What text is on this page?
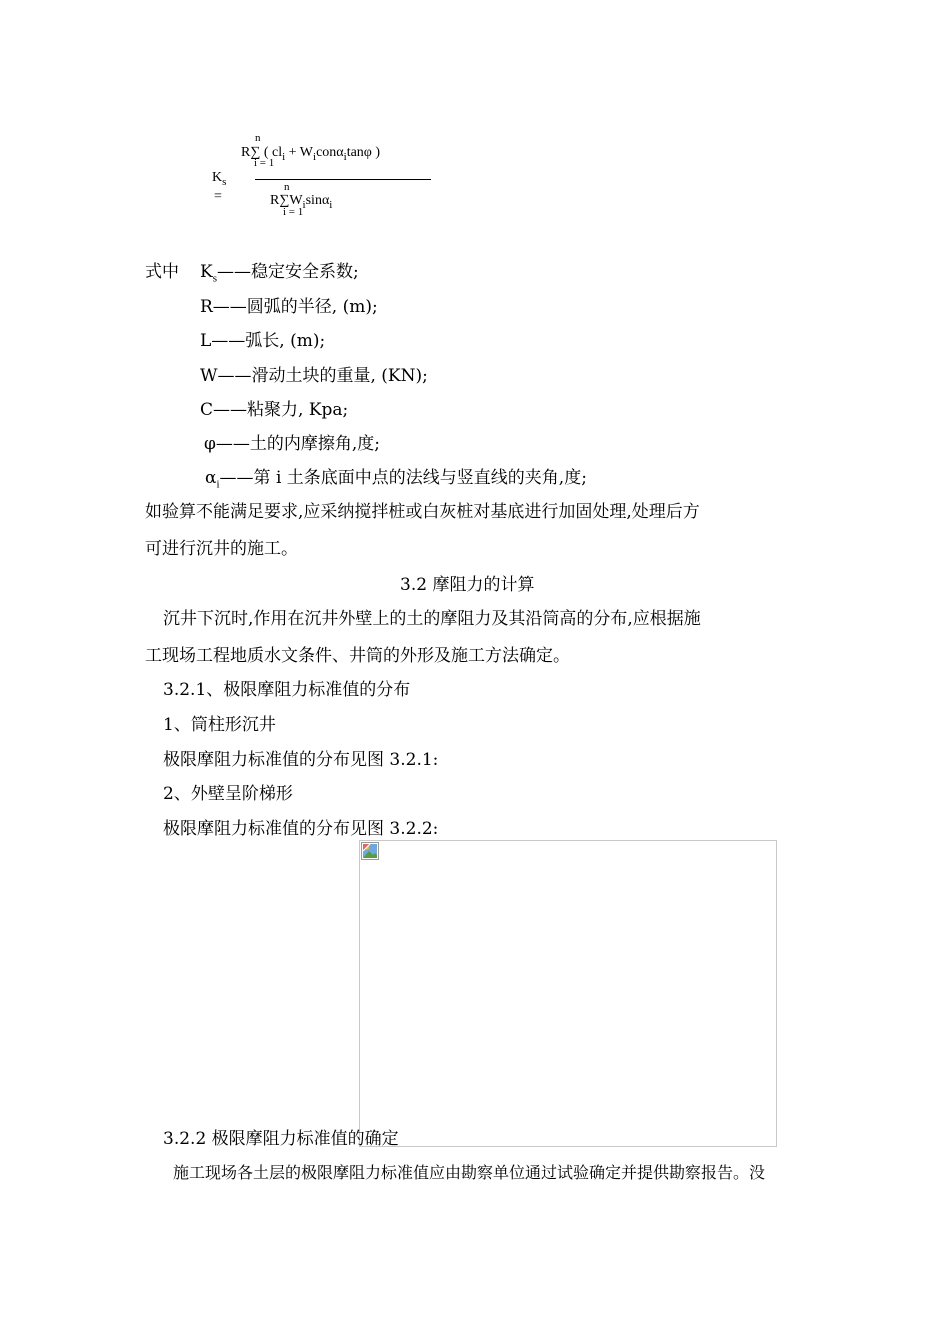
n
R∑ ( $cl_i + W_icon\alpha_i\tan\varphi$ )
i = 1
$K_s$
=
n
$R\sum W_i\sin\alpha_i$
i = 1
式中 $K_s——$稳定安全系数;
R——圆弧的半径, (m);
L——弧长, (m);
W——滑动土块的重量, (KN);
C——粘聚力, Kpa;
φ——土的内摩擦角,度;
$\alpha_i——$第 i 土条底面中点的法线与竖直线的夹角,度;
如验算不能满足要求,应采纳搅拌桩或白灰桩对基底进行加固处理,处理后方
可进行沉井的施工。
3.2 摩阻力的计算
沉井下沉时,作用在沉井外壁上的土的摩阻力及其沿筒高的分布,应根据施
工现场工程地质水文条件、井筒的外形及施工方法确定。
3.2.1、极限摩阻力标准值的分布
1、筒柱形沉井
极限摩阻力标准值的分布见图 3.2.1:
2、外壁呈阶梯形
极限摩阻力标准值的分布见图 3.2.2:
3.2.2 极限摩阻力标准值的确定
施工现场各土层的极限摩阻力标准值应由勘察单位通过试验确定并提供勘察报告。没
